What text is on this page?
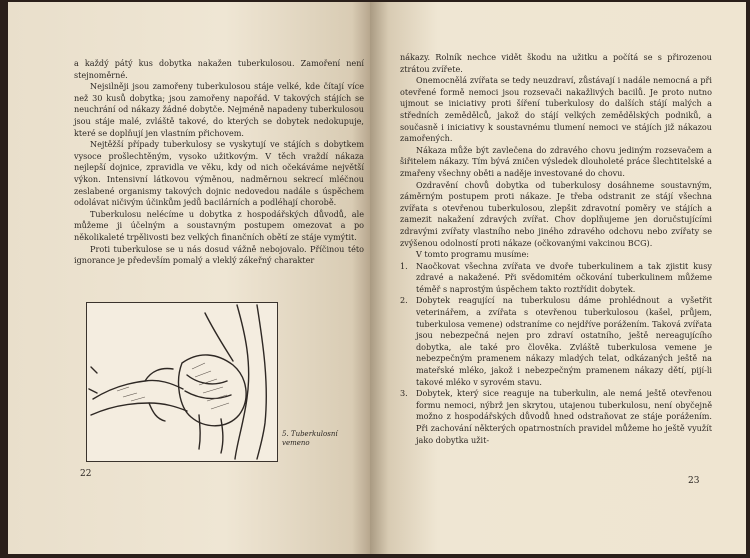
a každý pátý kus dobytka nakažen tuberkulosou. Zamoření není stejnoměrné.

Nejsilněji jsou zamořeny tuberkulosou stáje velké, kde čítají více než 30 kusů dobytka; jsou zamořeny napořád. V takových stájích se neuchrání od nákazy žádné dobytče. Nejméně napadeny tuberkulosou jsou stáje malé, zvláště takové, do kterých se dobytek nedokupuje, které se doplňují jen vlastním přichovem.

Nejtěžší případy tuberkulosy se vyskytují ve stájích s dobytkem vysoce prošlechtěným, vysoko užitkovým. V těch vraždí nákaza nejlepší dojnice, zpravidla ve věku, kdy od nich očekáváme největší výkon. Intensivní látkovou výměnou, nadměrnou sekrecí mléčnou zeslabené organismy takových dojnic nedovedou nadále s úspěchem odolávat ničivým účinkům jedů bacilárních a podléhají chorobě.

Tuberkulosu nelécíme u dobytka z hospodářských důvodů, ale můžeme ji účelným a soustavným postupem omezovat a po několikaleté trpělivosti bez velkých finančních obětí ze stáje vymýtit.

Proti tuberkulose se u nás dosud vážně nebojovalo. Příčinou této ignorance je především pomalý a vleklý zákeřný charakter

5. Tuberkulosní vemeno
22

nákazy. Rolník nechce vidět škodu na užitku a počítá se s přirozenou ztrátou zvířete.

Onemocnělá zvířata se tedy neuzdraví, zůstávají i nadále nemocná a při otevřené formě nemoci jsou rozsevači nakažlivých bacilů. Je proto nutno ujmout se iniciativy proti šíření tuberkulosy do dalších stájí malých a středních zemědělců, jakož do stájí velkých zemědělských podniků, a současně i iniciativy k soustavnému tlumení nemoci ve stájích již nákazou zamořených.

Nákaza může být zavlečena do zdravého chovu jediným rozsevačem a šiřitelem nákazy. Tím bývá zničen výsledek dlouholeté práce šlechtitelské a zmařeny všechny oběti a naděje investované do chovu.

Ozdravění chovů dobytka od tuberkulosy dosáhneme soustavným, záměrným postupem proti nákaze. Je třeba odstranit ze stájí všechna zvířata s otevřenou tuberkulosou, zlepšit zdravotní poměry ve stájích a zamezit nakažení zdravých zvířat. Chov doplňujeme jen doručstujícími zdravými zvířaty vlastního nebo jiného zdravého odchovu nebo zvířaty se zvýšenou odolností proti nákaze (očkovanými vakcinou BCG).

V tomto programu musíme:

1. Naočkovat všechna zvířata ve dvoře tuberkulinem a tak zjistit kusy zdravé a nakažené. Při svědomitém očkování tuberkulinem můžeme téměř s naprostým úspěchem takto roztřídit dobytek.
2. Dobytek reagující na tuberkulosu dáme prohlédnout a vyšetřit veterinářem, a zvířata s otevřenou tuberkulosou (kašel, průjem, tuberkulosa vemene) odstraníme co nejdříve porážením. Taková zvířata jsou nebezpečná nejen pro zdraví ostatního, ještě nereagujícího dobytka, ale také pro člověka. Zvláště tuberkulosa vemene je nebezpečným pramenem nákazy mladých telat, odkázaných ještě na mateřské mléko, jakož i nebezpečným pramenem nákazy dětí, pijí-li takové mléko v syrovém stavu.
3. Dobytek, který sice reaguje na tuberkulin, ale nemá ještě otevřenou formu nemoci, nýbrž jen skrytou, utajenou tuberkulosu, není obyčejně možno z hospodářských důvodů hned odstraňovat ze stáje porážením. Při zachování některých opatrnostních pravidel můžeme ho ještě využít jako dobytka užit-
23
